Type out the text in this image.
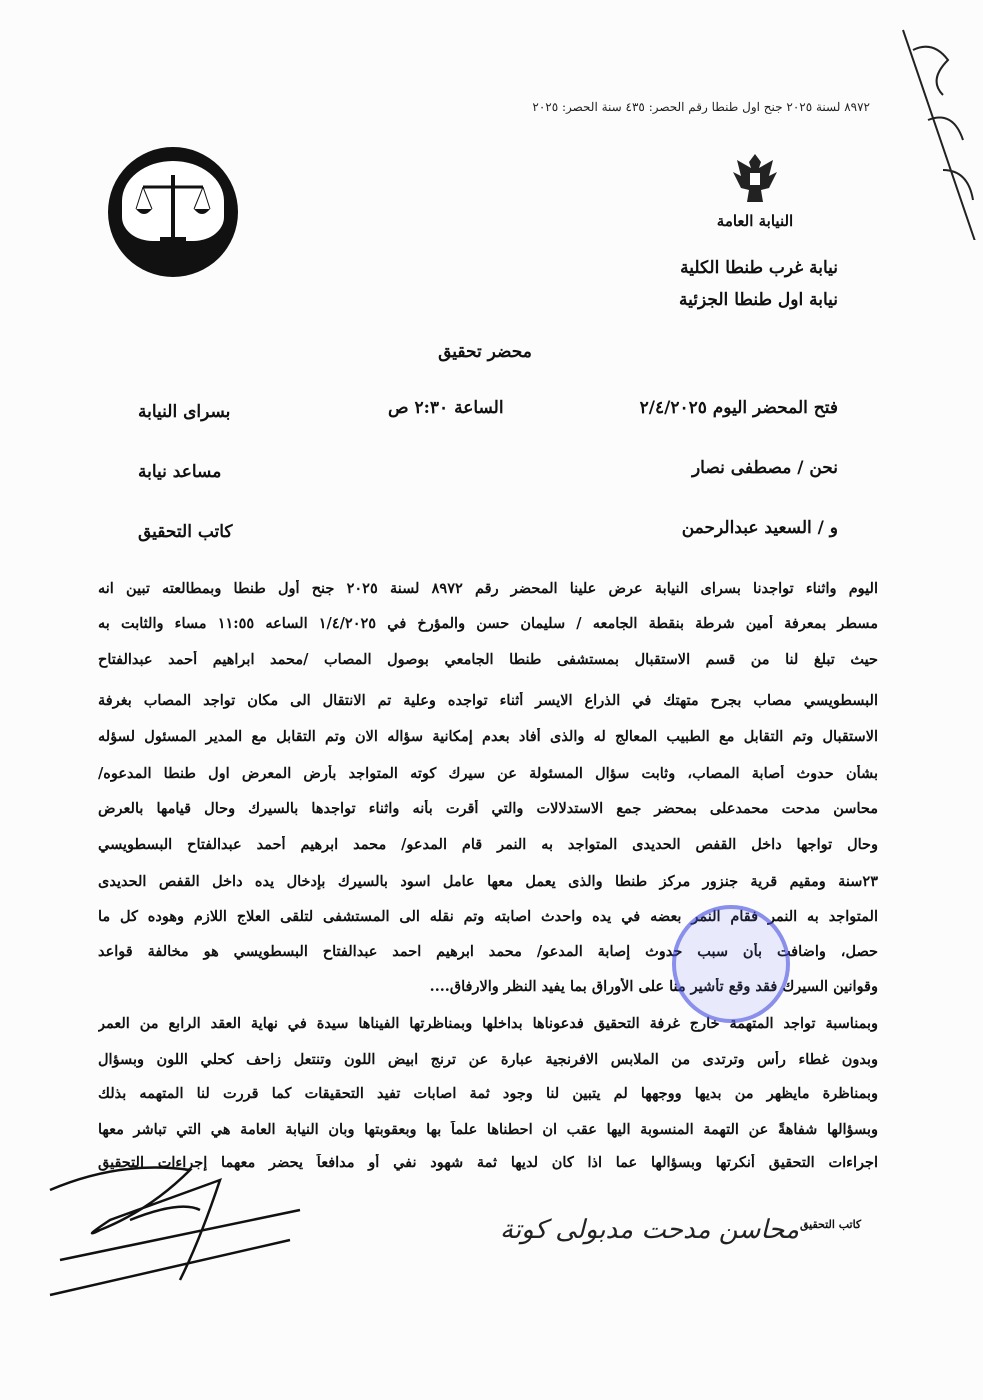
٨٩٧٢ لسنة ٢٠٢٥ جنح اول طنطا رقم الحصر: ٤٣٥ سنة الحصر: ٢٠٢٥
النيابة العامة
نيابة غرب طنطا الكلية
نيابة اول طنطا الجزئية
محضر تحقيق
فتح المحضر اليوم ٢/٤/٢٠٢٥
الساعة ٢:٣٠ ص
بسراى النيابة
نحن / مصطفى نصار
مساعد نيابة
و / السعيد عبدالرحمن
كاتب التحقيق
اليوم واثناء تواجدنا بسراى النيابة عرض علينا المحضر رقم ٨٩٧٢ لسنة ٢٠٢٥ جنح أول طنطا وبمطالعته تبين انه
مسطر بمعرفة أمين شرطة بنقطة الجامعه / سليمان حسن والمؤرخ في ١/٤/٢٠٢٥ الساعه ١١:٥٥ مساء والثابت به
حيث تبلغ لنا من قسم الاستقبال بمستشفى طنطا الجامعي بوصول المصاب /محمد ابراهيم أحمد عبدالفتاح
البسطويسي مصاب بجرح متهتك في الذراع الايسر أثناء تواجده وعلية تم الانتقال الى مكان تواجد المصاب بغرفة
الاستقبال وتم التقابل مع الطبيب المعالج له والذى أفاد بعدم إمكانية سؤاله الان وتم التقابل مع المدير المسئول لسؤله
بشأن حدوث أصابة المصاب، وثابت سؤال المسئولة عن سيرك كوته المتواجد بأرض المعرض اول طنطا المدعوه/
محاسن مدحت محمدعلى بمحضر جمع الاستدلالات والتي أقرت بأنه واثناء تواجدها بالسيرك وحال قيامها بالعرض
وحال تواجها داخل القفص الحديدى المتواجد به النمر قام المدعو/ محمد ابرهيم أحمد عبدالفتاح البسطويسي
٢٣سنة ومقيم قرية جنزور مركز طنطا والذى يعمل معها عامل اسود بالسيرك بإدخال يده داخل القفص الحديدى
المتواجد به النمر فقام النمر بعضه في يده واحدث اصابته وتم نقله الى المستشفى لتلقى العلاج اللازم وهوده كل ما
حصل، واضافت بأن سبب حدوث إصابة المدعو/ محمد ابرهيم احمد عبدالفتاح البسطويسي هو مخالفة قواعد
وقوانين السيرك فقد وقع تأشير منا على الأوراق بما يفيد النظر والارفاق....
وبمناسبة تواجد المتهمة خارج غرفة التحقيق فدعوناها بداخلها وبمناظرتها الفيناها سيدة في نهاية العقد الرابع من العمر
وبدون غطاء رأس وترتدى من الملابس الافرنجية عبارة عن ترنج ابيض اللون وتنتعل زاحف كحلي اللون وبسؤال
وبمناظرة مايظهر من بديها ووجهها لم يتبين لنا وجود ثمة اصابات تفيد التحقيقات كما قررت لنا المتهمه بذلك
وبسؤالها شفاهةً عن التهمة المنسوبة اليها عقب ان احطناها علماً بها وبعقوبتها وبان النيابة العامة هي التي تباشر معها
اجراءات التحقيق أنكرتها وبسؤالها عما اذا كان لديها ثمة شهود نفي أو مدافعاً يحضر معهما إجراءات التحقيق
كاتب التحقيق
محاسن مدحت مدبولى كوتة
